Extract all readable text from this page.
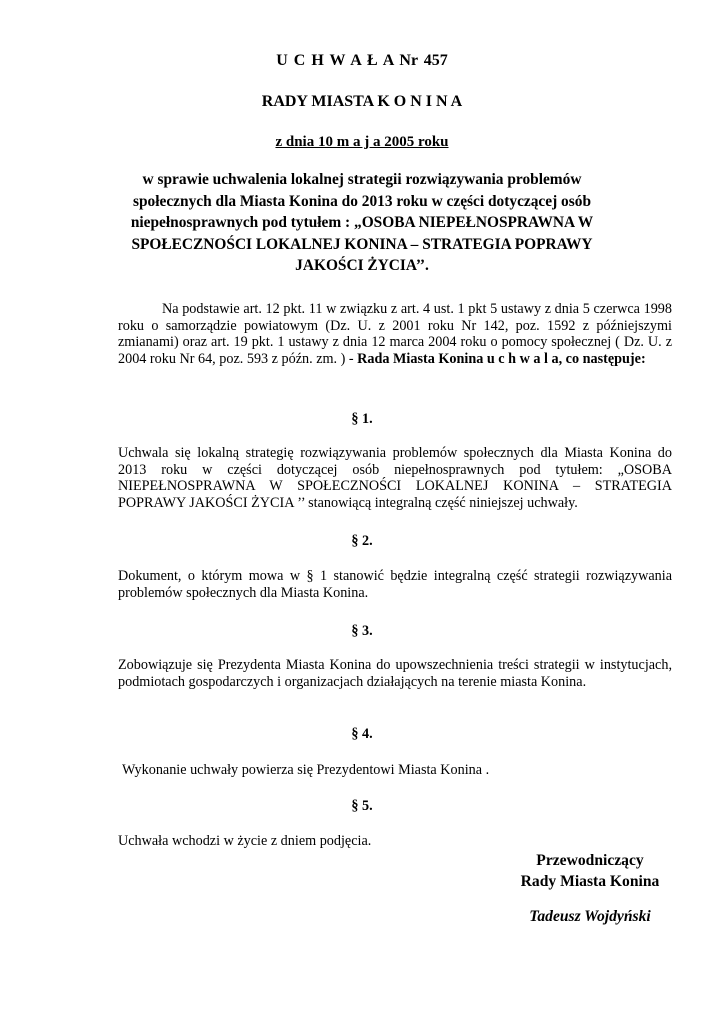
U C H W A Ł A Nr 457
RADY MIASTA K O N I N A
z dnia 10 m a j a 2005 roku
w sprawie uchwalenia lokalnej strategii rozwiązywania problemów społecznych dla Miasta Konina do 2013 roku w części dotyczącej osób niepełnosprawnych pod tytułem : „OSOBA NIEPEŁNOSPRAWNA W SPOŁECZNOŚCI LOKALNEJ KONINA – STRATEGIA POPRAWY JAKOŚCI ŻYCIA’’.
Na podstawie art. 12 pkt. 11 w związku z art. 4 ust. 1 pkt 5 ustawy z dnia 5 czerwca 1998 roku o samorządzie powiatowym (Dz. U. z 2001 roku Nr 142, poz. 1592 z późniejszymi zmianami) oraz art. 19 pkt. 1 ustawy z dnia 12 marca 2004 roku o pomocy społecznej ( Dz. U. z 2004 roku Nr 64, poz. 593 z późn. zm. ) - Rada Miasta Konina u c h w a l a, co następuje:
§ 1.
Uchwala się lokalną strategię rozwiązywania problemów społecznych dla Miasta Konina do 2013 roku w części dotyczącej osób niepełnosprawnych pod tytułem: „OSOBA NIEPEŁNOSPRAWNA W SPOŁECZNOŚCI LOKALNEJ KONINA – STRATEGIA POPRAWY JAKOŚCI ŻYCIA ’’ stanowiącą integralną część niniejszej uchwały.
§ 2.
Dokument, o którym mowa w § 1 stanowić będzie integralną część strategii rozwiązywania problemów społecznych dla Miasta Konina.
§ 3.
Zobowiązuje się Prezydenta Miasta Konina do upowszechnienia treści strategii w instytucjach, podmiotach gospodarczych i organizacjach działających na terenie miasta Konina.
§ 4.
Wykonanie uchwały powierza się Prezydentowi Miasta Konina .
§ 5.
Uchwała wchodzi w życie z dniem podjęcia.
Przewodniczący
Rady Miasta Konina
Tadeusz Wojdyński
